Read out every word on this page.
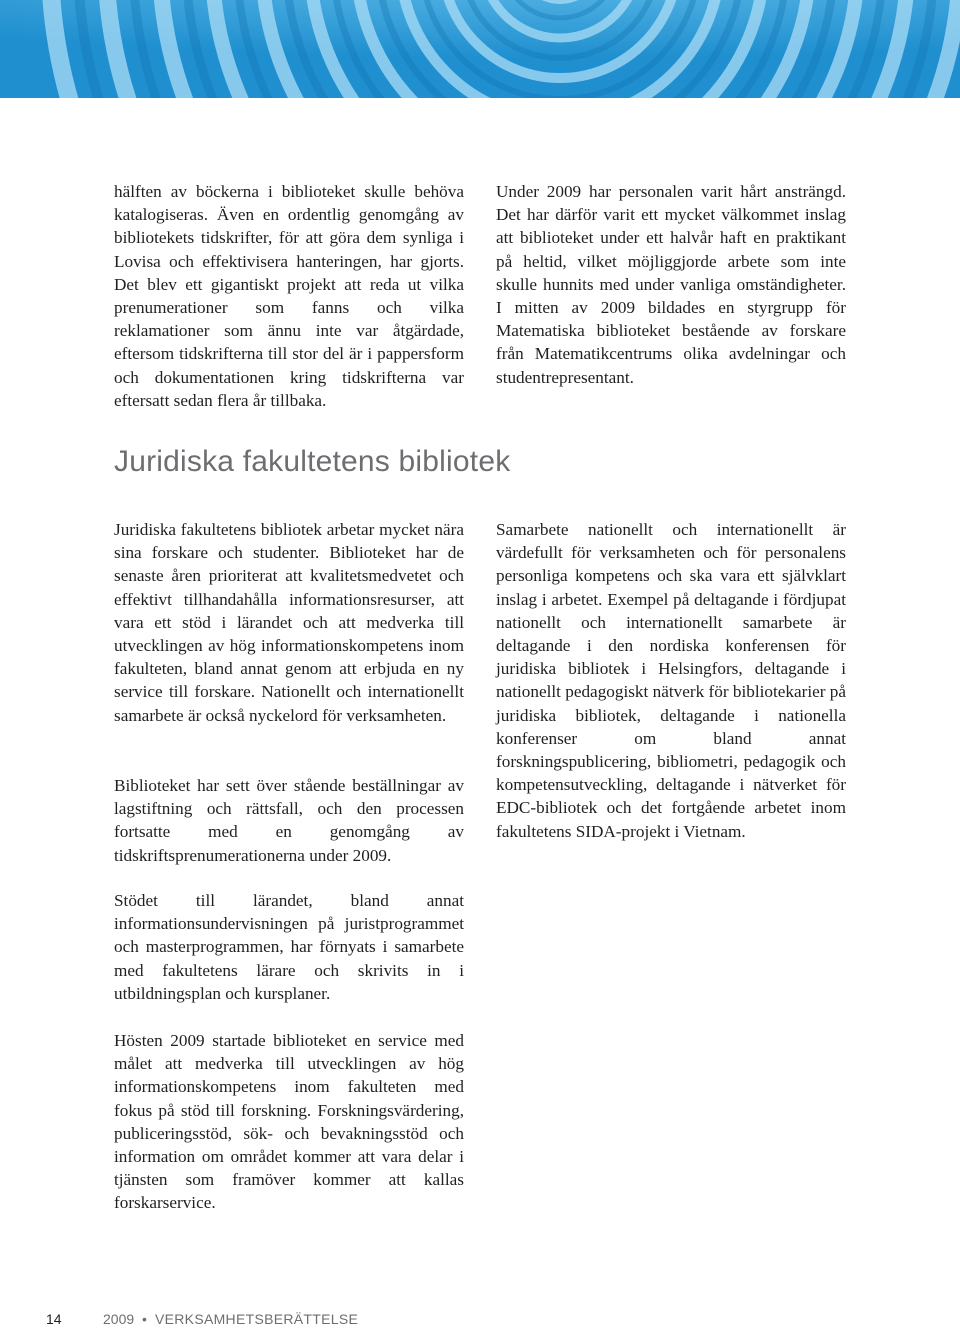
hälften av böckerna i biblioteket skulle behöva katalogiseras. Även en ordentlig genomgång av bibliotekets tidskrifter, för att göra dem synliga i Lovisa och effektivisera hanteringen, har gjorts. Det blev ett gigantiskt projekt att reda ut vilka prenumerationer som fanns och vilka reklamationer som ännu inte var åtgärdade, eftersom tidskrifterna till stor del är i pappersform och dokumentationen kring tidskrifterna var eftersatt sedan flera år tillbaka.

Under 2009 har personalen varit hårt ansträngd. Det har därför varit ett mycket välkommet inslag att biblioteket under ett halvår haft en praktikant på heltid, vilket möjliggjorde arbete som inte skulle hunnits med under vanliga omständigheter. I mitten av 2009 bildades en styrgrupp för Matematiska biblioteket bestående av forskare från Matematikcentrums olika avdelningar och studentrepresentant.

Juridiska fakultetens bibliotek

Juridiska fakultetens bibliotek arbetar mycket nära sina forskare och studenter. Biblioteket har de senaste åren prioriterat att kvalitetsmedvetet och effektivt tillhandahålla informationsresurser, att vara ett stöd i lärandet och att medverka till utvecklingen av hög informationskompetens inom fakulteten, bland annat genom att erbjuda en ny service till forskare. Nationellt och internationellt samarbete är också nyckelord för verksamheten.

Biblioteket har sett över stående beställningar av lagstiftning och rättsfall, och den processen fortsatte med en genomgång av tidskriftsprenumerationerna under 2009.

Stödet till lärandet, bland annat informationsundervisningen på juristprogrammet och masterprogrammen, har förnyats i samarbete med fakultetens lärare och skrivits in i utbildningsplan och kursplaner.

Hösten 2009 startade biblioteket en service med målet att medverka till utvecklingen av hög informationskompetens inom fakulteten med fokus på stöd till forskning. Forskningsvärdering, publiceringsstöd, sök- och bevakningsstöd och information om området kommer att vara delar i tjänsten som framöver kommer att kallas forskarservice.

Samarbete nationellt och internationellt är värdefullt för verksamheten och för personalens personliga kompetens och ska vara ett självklart inslag i arbetet. Exempel på deltagande i fördjupat nationellt och internationellt samarbete är deltagande i den nordiska konferensen för juridiska bibliotek i Helsingfors, deltagande i nationellt pedagogiskt nätverk för bibliotekarier på juridiska bibliotek, deltagande i nationella konferenser om bland annat forskningspublicering, bibliometri, pedagogik och kompetensutveckling, deltagande i nätverket för EDC-bibliotek och det fortgående arbetet inom fakultetens SIDA-projekt i Vietnam.

14	2009 • VERKSAMHETSBERÄTTELSE
